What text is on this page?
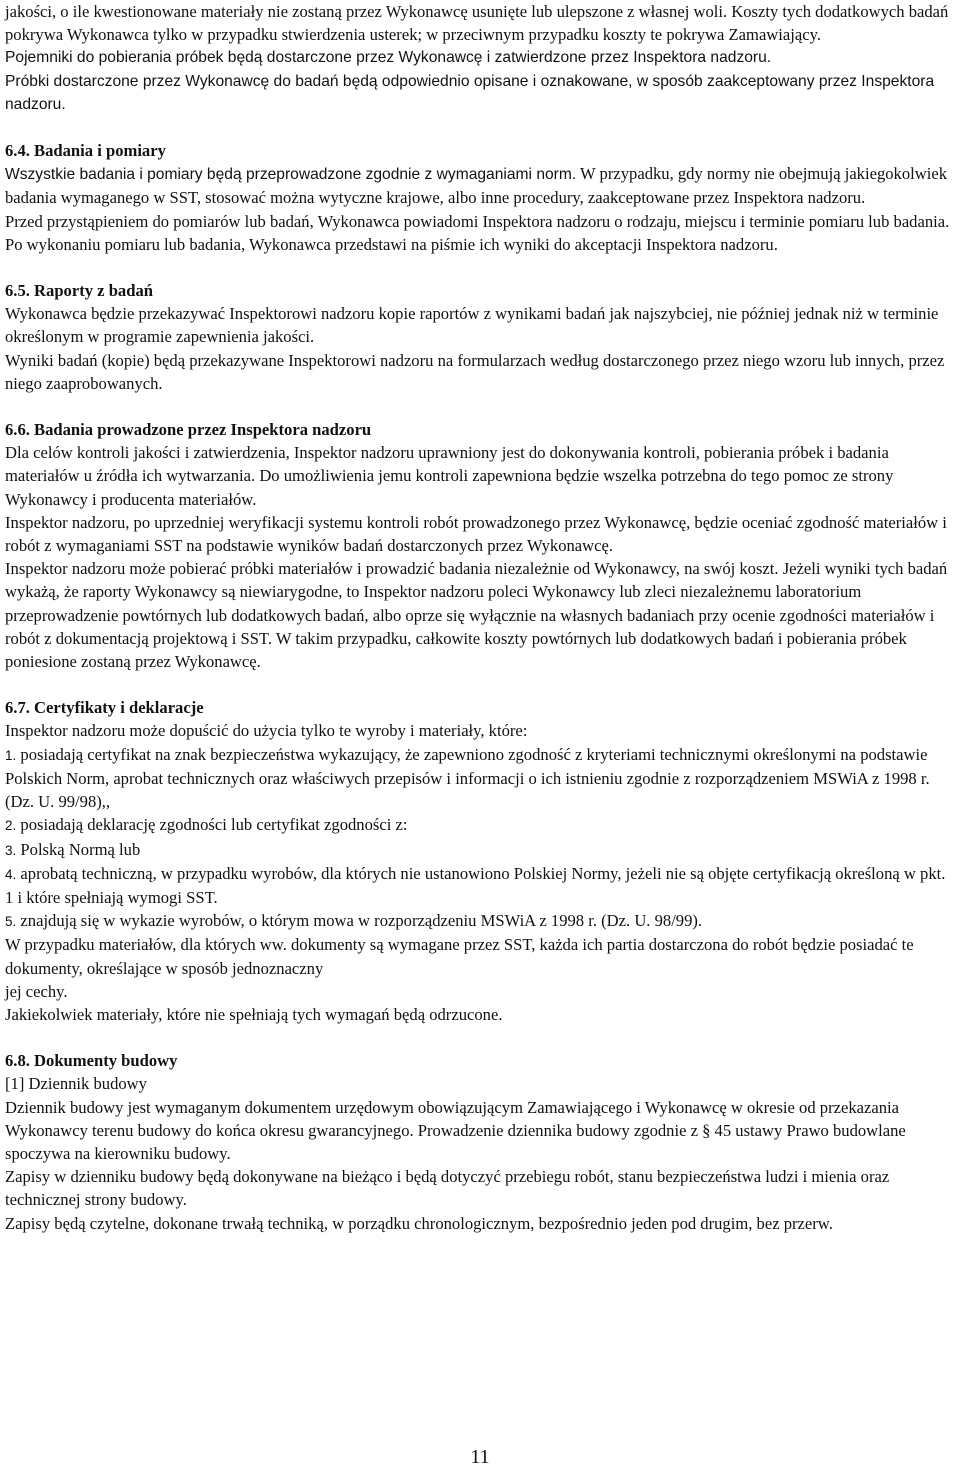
jakości, o ile kwestionowane materiały nie zostaną przez Wykonawcę usunięte lub ulepszone z własnej woli. Koszty tych dodatkowych badań pokrywa Wykonawca tylko w przypadku stwierdzenia usterek; w przeciwnym przypadku koszty te pokrywa Zamawiający.

Pojemniki do pobierania próbek będą dostarczone przez Wykonawcę i zatwierdzone przez Inspektora nadzoru.

Próbki dostarczone przez Wykonawcę do badań będą odpowiednio opisane i oznakowane, w sposób zaakceptowany przez Inspektora nadzoru.

6.4. Badania i pomiary

Wszystkie badania i pomiary będą przeprowadzone zgodnie z wymaganiami norm. W przypadku, gdy normy nie obejmują jakiegokolwiek badania wymaganego w SST, stosować można wytyczne krajowe, albo inne procedury, zaakceptowane przez Inspektora nadzoru.

Przed przystąpieniem do pomiarów lub badań, Wykonawca powiadomi Inspektora nadzoru o rodzaju, miejscu i terminie pomiaru lub badania. Po wykonaniu pomiaru lub badania, Wykonawca przedstawi na piśmie ich wyniki do akceptacji Inspektora nadzoru.

6.5. Raporty z badań

Wykonawca będzie przekazywać Inspektorowi nadzoru kopie raportów z wynikami badań jak najszybciej, nie później jednak niż w terminie określonym w programie zapewnienia jakości.

Wyniki badań (kopie) będą przekazywane Inspektorowi nadzoru na formularzach według dostarczonego przez niego wzoru lub innych, przez niego zaaprobowanych.

6.6. Badania prowadzone przez Inspektora nadzoru

Dla celów kontroli jakości i zatwierdzenia, Inspektor nadzoru uprawniony jest do dokonywania kontroli, pobierania próbek i badania materiałów u źródła ich wytwarzania. Do umożliwienia jemu kontroli zapewniona będzie wszelka potrzebna do tego pomoc ze strony Wykonawcy i producenta materiałów.

Inspektor nadzoru, po uprzedniej weryfikacji systemu kontroli robót prowadzonego przez Wykonawcę, będzie oceniać zgodność materiałów i robót z wymaganiami SST na podstawie wyników badań dostarczonych przez Wykonawcę.

Inspektor nadzoru może pobierać próbki materiałów i prowadzić badania niezależnie od Wykonawcy, na swój koszt. Jeżeli wyniki tych badań wykażą, że raporty Wykonawcy są niewiarygodne, to Inspektor nadzoru poleci Wykonawcy lub zleci niezależnemu laboratorium przeprowadzenie powtórnych lub dodatkowych badań, albo oprze się wyłącznie na własnych badaniach przy ocenie zgodności materiałów i robót z dokumentacją projektową i SST. W takim przypadku, całkowite koszty powtórnych lub dodatkowych badań i pobierania próbek poniesione zostaną przez Wykonawcę.

6.7. Certyfikaty i deklaracje

Inspektor nadzoru może dopuścić do użycia tylko te wyroby i materiały, które:

1. posiadają certyfikat na znak bezpieczeństwa wykazujący, że zapewniono zgodność z kryteriami technicznymi określonymi na podstawie Polskich Norm, aprobat technicznych oraz właściwych przepisów i informacji o ich istnieniu zgodnie z rozporządzeniem MSWiA z 1998 r. (Dz. U. 99/98),,

2. posiadają deklarację zgodności lub certyfikat zgodności z:

3. Polską Normą lub

4. aprobatą techniczną, w przypadku wyrobów, dla których nie ustanowiono Polskiej Normy, jeżeli nie są objęte certyfikacją określoną w pkt. 1 i które spełniają wymogi SST.

5. znajdują się w wykazie wyrobów, o którym mowa w rozporządzeniu MSWiA z 1998 r. (Dz. U. 98/99).

W przypadku materiałów, dla których ww. dokumenty są wymagane przez SST, każda ich partia dostarczona do robót będzie posiadać te dokumenty, określające w sposób jednoznaczny

jej cechy.

Jakiekolwiek materiały, które nie spełniają tych wymagań będą odrzucone.

6.8. Dokumenty budowy

[1] Dziennik budowy

Dziennik budowy jest wymaganym dokumentem urzędowym obowiązującym Zamawiającego i Wykonawcę w okresie od przekazania Wykonawcy terenu budowy do końca okresu gwarancyjnego. Prowadzenie dziennika budowy zgodnie z § 45 ustawy Prawo budowlane spoczywa na kierowniku budowy.

Zapisy w dzienniku budowy będą dokonywane na bieżąco i będą dotyczyć przebiegu robót, stanu bezpieczeństwa ludzi i mienia oraz technicznej strony budowy.

Zapisy będą czytelne, dokonane trwałą techniką, w porządku chronologicznym, bezpośrednio jeden pod drugim, bez przerw.

11
